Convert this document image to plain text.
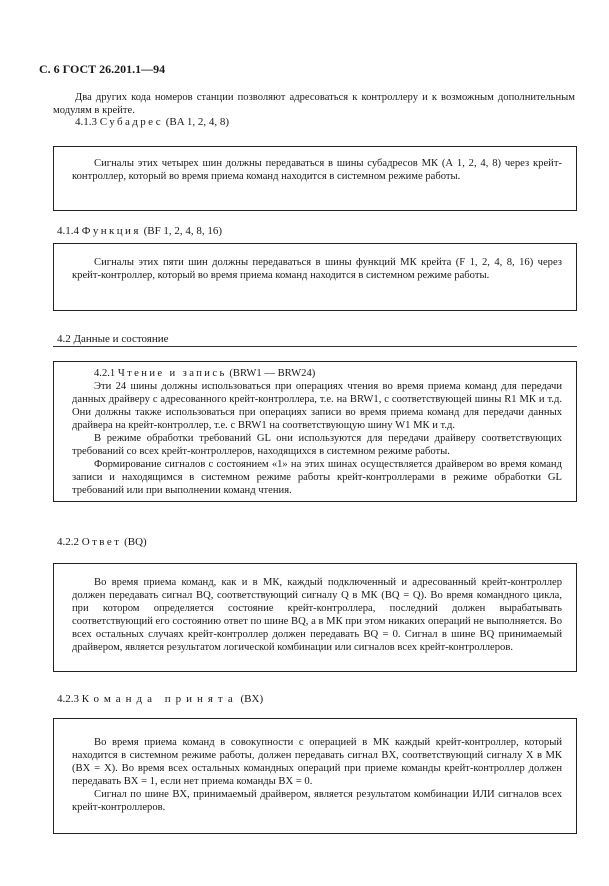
С. 6 ГОСТ 26.201.1—94
Два других кода номеров станции позволяют адресоваться к контроллеру и к возможным дополнительным модулям в крейте.
4.1.3 Субадрес (BA 1, 2, 4, 8)

Сигналы этих четырех шин должны передаваться в шины субадресов МК (А 1, 2, 4, 8) через крейт-контроллер, который во время приема команд находится в системном режиме работы.

4.1.4 Функция (BF 1, 2, 4, 8, 16)

Сигналы этих пяти шин должны передаваться в шины функций МК крейта (F 1, 2, 4, 8, 16) через крейт-контроллер, который во время приема команд находится в системном режиме работы.

4.2 Данные и состояние

4.2.1 Чтение и запись (BRW1 — BRW24)

Эти 24 шины должны использоваться при операциях чтения во время приема команд для передачи данных драйверу с адресованного крейт-контроллера, т.е. на BRW1, с соответствующей шины R1 МК и т.д. Они должны также использоваться при операциях записи во время приема команд для передачи данных драйвера на крейт-контроллер, т.е. с BRW1 на соответствующую шину W1 МК и т.д.

В режиме обработки требований GL они используются для передачи драйверу соответствующих требований со всех крейт-контроллеров, находящихся в системном режиме работы.

Формирование сигналов с состоянием «1» на этих шинах осуществляется драйвером во время команд записи и находящимся в системном режиме работы крейт-контроллерами в режиме обработки GL требований или при выполнении команд чтения.

4.2.2 Ответ (BQ)

Во время приема команд, как и в МК, каждый подключенный и адресованный крейт-контроллер должен передавать сигнал BQ, соответствующий сигналу Q в МК (BQ = Q). Во время командного цикла, при котором определяется состояние крейт-контроллера, последний должен вырабатывать соответствующий его состоянию ответ по шине BQ, а в МК при этом никаких операций не выполняется. Во всех остальных случаях крейт-контроллер должен передавать BQ = 0. Сигнал в шине BQ принимаемый драйвером, является результатом логической комбинации или сигналов всех крейт-контроллеров.

4.2.3 Команда принята (BX)

Во время приема команд в совокупности с операцией в МК каждый крейт-контроллер, который находится в системном режиме работы, должен передавать сигнал BX, соответствующий сигналу X в МК (BX = X). Во время всех остальных командных операций при приеме команды крейт-контроллер должен передавать BX = 1, если нет приема команды BX = 0.

Сигнал по шине BX, принимаемый драйвером, является результатом комбинации ИЛИ сигналов всех крейт-контроллеров.
